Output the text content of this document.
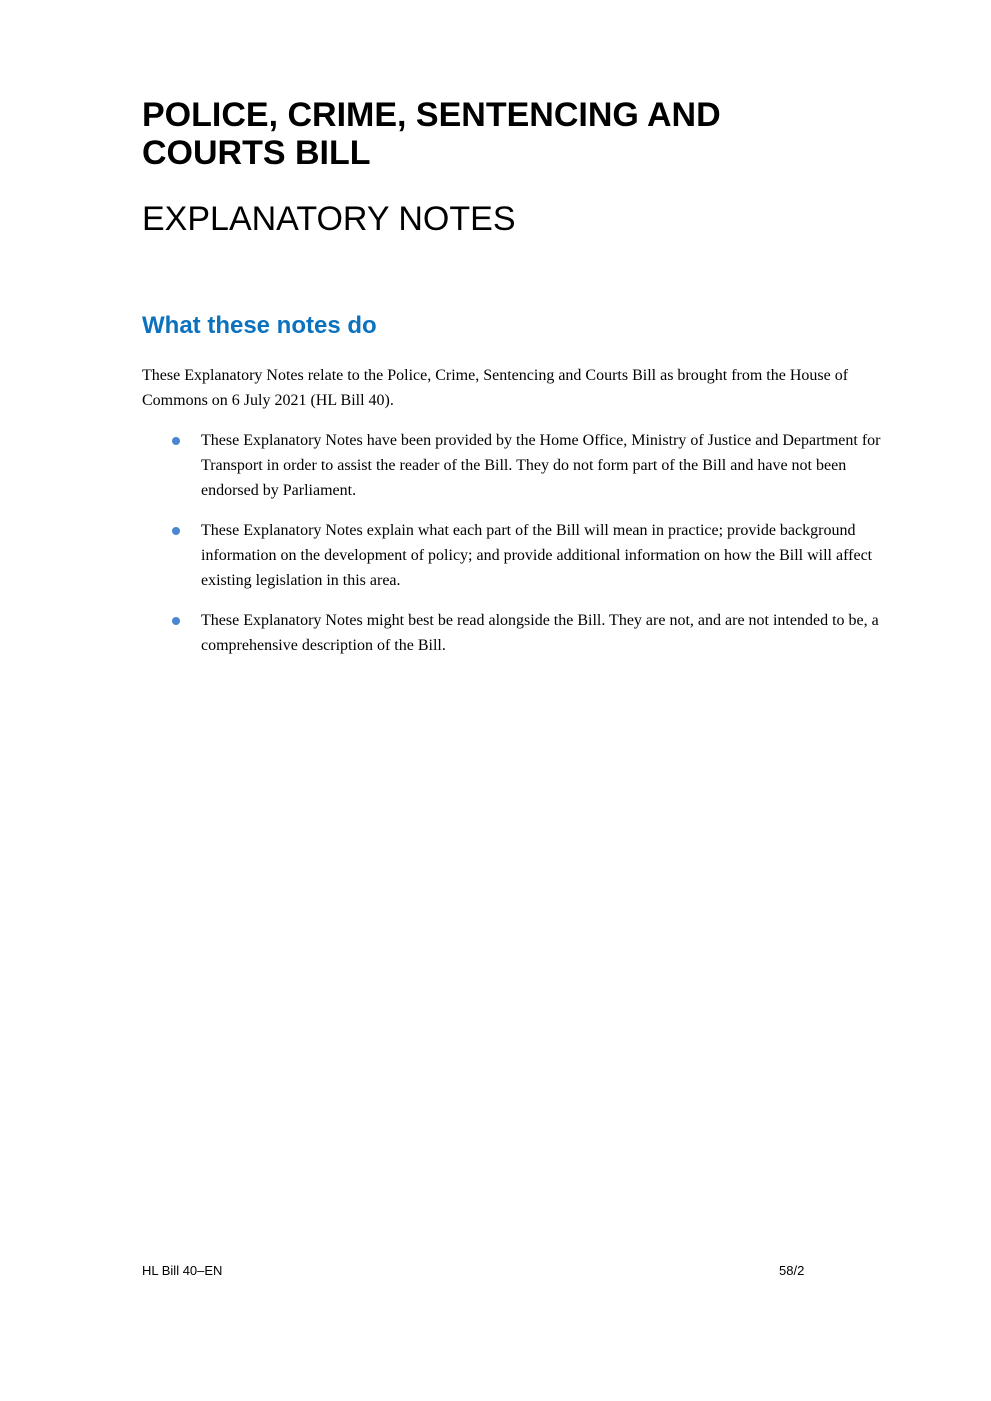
POLICE, CRIME, SENTENCING AND COURTS BILL
EXPLANATORY NOTES
What these notes do

These Explanatory Notes relate to the Police, Crime, Sentencing and Courts Bill as brought from the House of Commons on 6 July 2021 (HL Bill 40).

These Explanatory Notes have been provided by the Home Office, Ministry of Justice and Department for Transport in order to assist the reader of the Bill. They do not form part of the Bill and have not been endorsed by Parliament.
These Explanatory Notes explain what each part of the Bill will mean in practice; provide background information on the development of policy; and provide additional information on how the Bill will affect existing legislation in this area.
These Explanatory Notes might best be read alongside the Bill. They are not, and are not intended to be, a comprehensive description of the Bill.
HL Bill 40–EN	58/2
